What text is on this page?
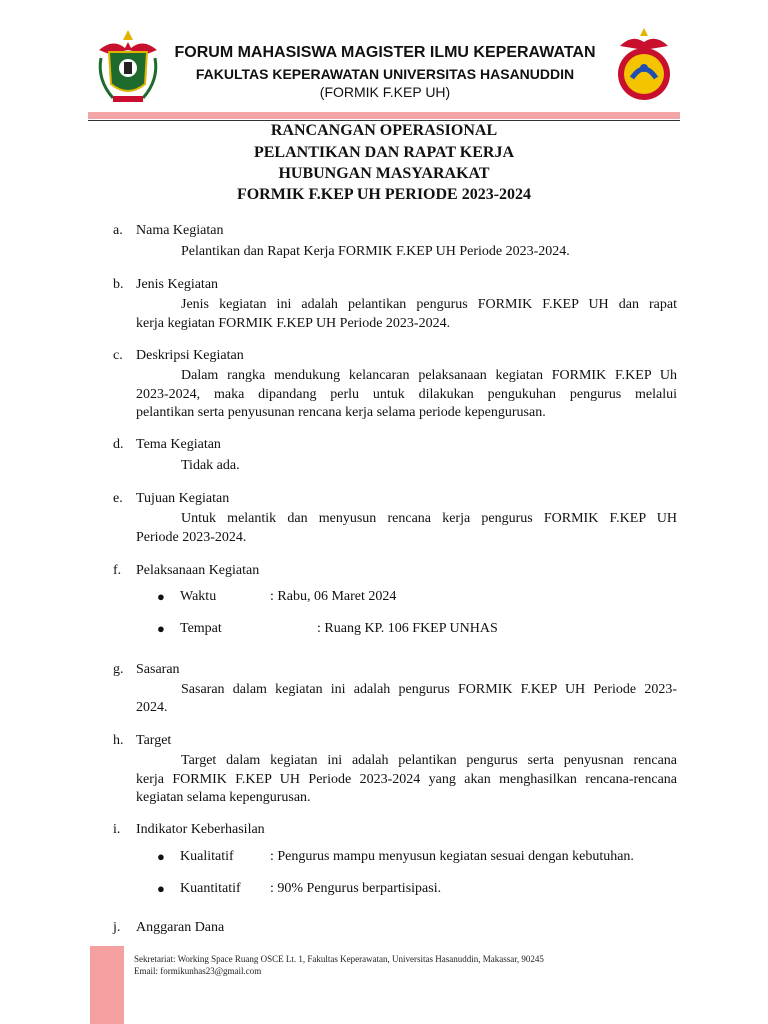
FORUM MAHASISWA MAGISTER ILMU KEPERAWATAN
FAKULTAS KEPERAWATAN UNIVERSITAS HASANUDDIN
(FORMIK F.KEP UH)
RANCANGAN OPERASIONAL
PELANTIKAN DAN RAPAT KERJA
HUBUNGAN MASYARAKAT
FORMIK F.KEP UH PERIODE 2023-2024
a. Nama Kegiatan
Pelantikan dan Rapat Kerja FORMIK F.KEP UH Periode 2023-2024.
b. Jenis Kegiatan
Jenis kegiatan ini adalah pelantikan pengurus FORMIK F.KEP UH dan rapat
kerja kegiatan FORMIK F.KEP UH Periode 2023-2024.
c. Deskripsi Kegiatan
Dalam rangka mendukung kelancaran pelaksanaan kegiatan FORMIK F.KEP Uh
2023-2024, maka dipandang perlu untuk dilakukan pengukuhan pengurus melalui
pelantikan serta penyusunan rencana kerja selama periode kepengurusan.
d. Tema Kegiatan
Tidak ada.
e. Tujuan Kegiatan
Untuk melantik dan menyusun rencana kerja pengurus FORMIK F.KEP UH
Periode 2023-2024.
f. Pelaksanaan Kegiatan
● Waktu	: Rabu, 06 Maret 2024
● Tempat	: Ruang KP. 106 FKEP UNHAS
g. Sasaran
Sasaran dalam kegiatan ini adalah pengurus FORMIK F.KEP UH Periode 2023-
2024.
h. Target
Target dalam kegiatan ini adalah pelantikan pengurus serta penyusnan rencana
kerja FORMIK F.KEP UH Periode 2023-2024 yang akan menghasilkan rencana-rencana
kegiatan selama kepengurusan.
i. Indikator Keberhasilan
● Kualitatif	: Pengurus mampu menyusun kegiatan sesuai dengan kebutuhan.
● Kuantitatif : 90% Pengurus berpartisipasi.
j. Anggaran Dana
Sekretariat: Working Space Ruang OSCE Lt. 1, Fakultas Keperawatan, Universitas Hasanuddin, Makassar, 90245
Email: formikunhas23@gmail.com
